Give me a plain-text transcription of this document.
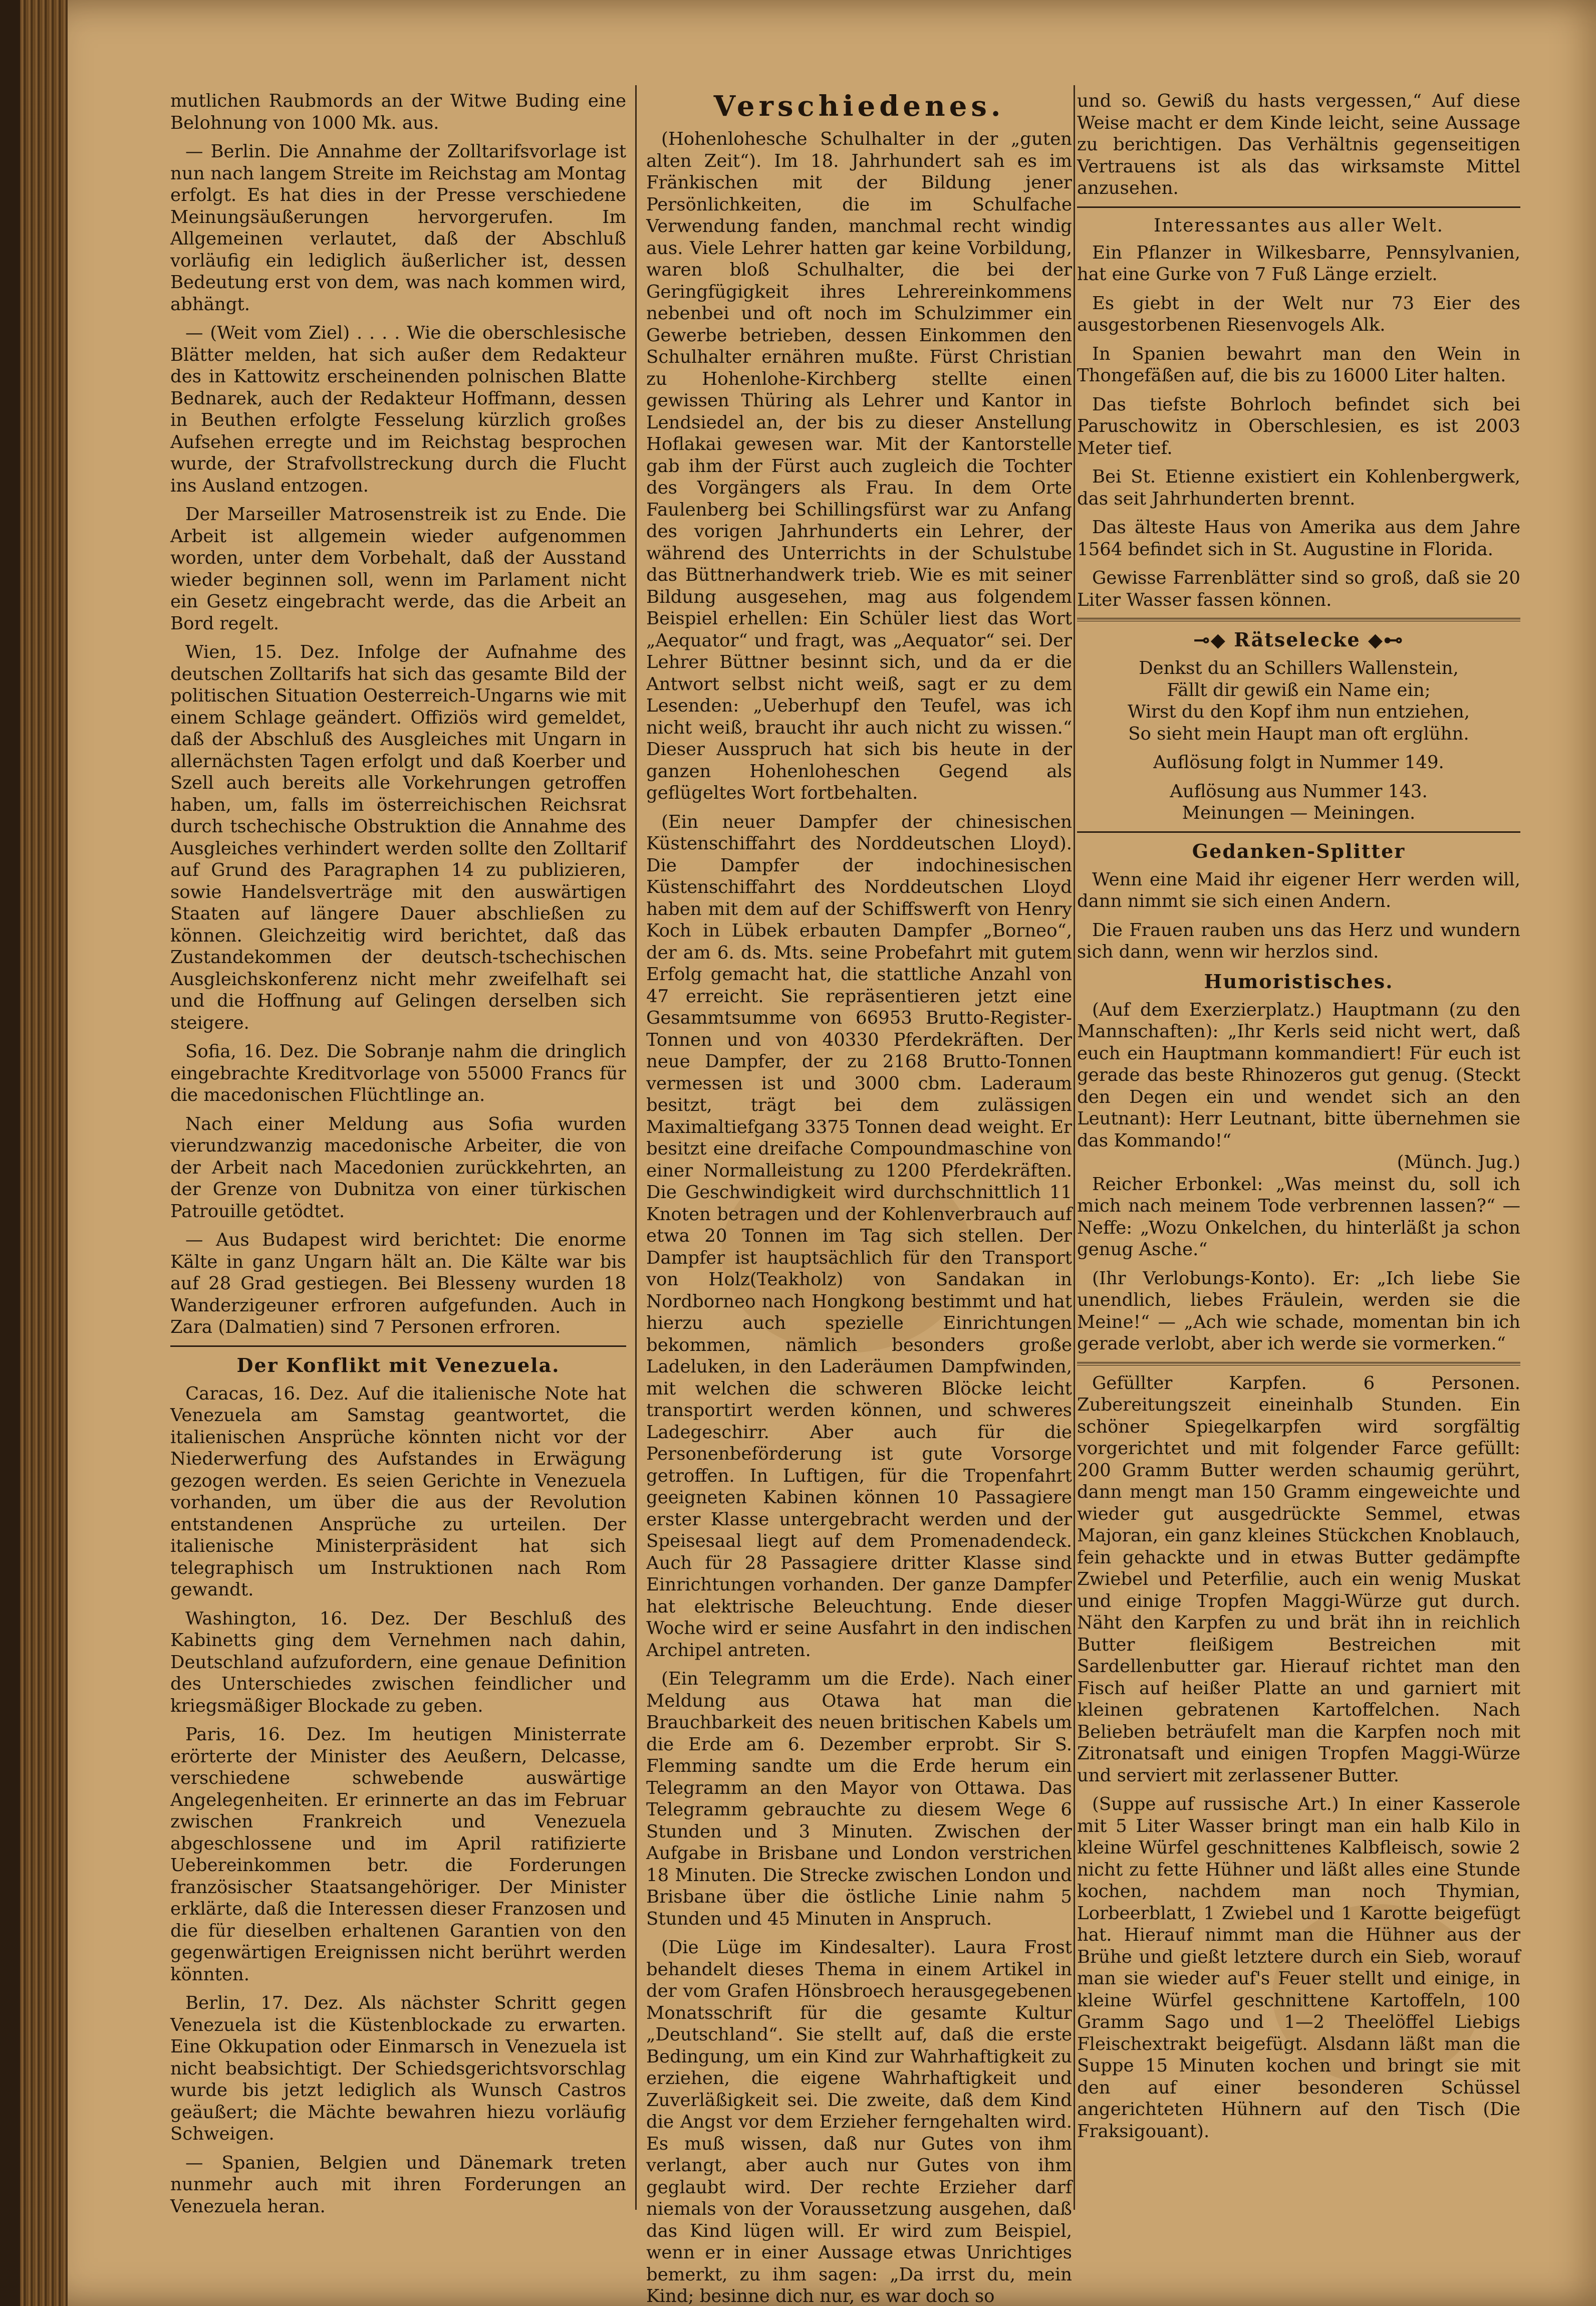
mutlichen Raubmords an der Witwe Buding eine Belohnung von 1000 Mk. aus.

— Berlin. Die Annahme der Zolltarifsvorlage ist nun nach langem Streite im Reichstag am Montag erfolgt. Es hat dies in der Presse verschiedene Meinungsäußerungen hervorgerufen. Im Allgemeinen verlautet, daß der Abschluß vorläufig ein lediglich äußerlicher ist, dessen Bedeutung erst von dem, was nach kommen wird, abhängt.

— (Weit vom Ziel) . . . . Wie die oberschlesische Blätter melden, hat sich außer dem Redakteur des in Kattowitz erscheinenden polnischen Blatte Bednarek, auch der Redakteur Hoffmann, dessen in Beuthen erfolgte Fesselung kürzlich großes Aufsehen erregte und im Reichstag besprochen wurde, der Strafvollstreckung durch die Flucht ins Ausland entzogen.

Der Marseiller Matrosenstreik ist zu Ende. Die Arbeit ist allgemein wieder aufgenommen worden, unter dem Vorbehalt, daß der Ausstand wieder beginnen soll, wenn im Parlament nicht ein Gesetz eingebracht werde, das die Arbeit an Bord regelt.

Wien, 15. Dez. Infolge der Aufnahme des deutschen Zolltarifs hat sich das gesamte Bild der politischen Situation Oesterreich-Ungarns wie mit einem Schlage geändert. Offiziös wird gemeldet, daß der Abschluß des Ausgleiches mit Ungarn in allernächsten Tagen erfolgt und daß Koerber und Szell auch bereits alle Vorkehrungen getroffen haben, um, falls im österreichischen Reichsrat durch tschechische Obstruktion die Annahme des Ausgleiches verhindert werden sollte den Zolltarif auf Grund des Paragraphen 14 zu publizieren, sowie Handelsverträge mit den auswärtigen Staaten auf längere Dauer abschließen zu können. Gleichzeitig wird berichtet, daß das Zustandekommen der deutsch-tschechischen Ausgleichskonferenz nicht mehr zweifelhaft sei und die Hoffnung auf Gelingen derselben sich steigere.

Sofia, 16. Dez. Die Sobranje nahm die dringlich eingebrachte Kreditvorlage von 55000 Francs für die macedonischen Flüchtlinge an.

Nach einer Meldung aus Sofia wurden vierundzwanzig macedonische Arbeiter, die von der Arbeit nach Macedonien zurückkehrten, an der Grenze von Dubnitza von einer türkischen Patrouille getödtet.

— Aus Budapest wird berichtet: Die enorme Kälte in ganz Ungarn hält an. Die Kälte war bis auf 28 Grad gestiegen. Bei Blesseny wurden 18 Wanderzigeuner erfroren aufgefunden. Auch in Zara (Dalmatien) sind 7 Personen erfroren.

Der Konflikt mit Venezuela.

Caracas, 16. Dez. Auf die italienische Note hat Venezuela am Samstag geantwortet, die italienischen Ansprüche könnten nicht vor der Niederwerfung des Aufstandes in Erwägung gezogen werden. Es seien Gerichte in Venezuela vorhanden, um über die aus der Revolution entstandenen Ansprüche zu urteilen. Der italienische Ministerpräsident hat sich telegraphisch um Instruktionen nach Rom gewandt.

Washington, 16. Dez. Der Beschluß des Kabinetts ging dem Vernehmen nach dahin, Deutschland aufzufordern, eine genaue Definition des Unterschiedes zwischen feindlicher und kriegsmäßiger Blockade zu geben.

Paris, 16. Dez. Im heutigen Ministerrate erörterte der Minister des Aeußern, Delcasse, verschiedene schwebende auswärtige Angelegenheiten. Er erinnerte an das im Februar zwischen Frankreich und Venezuela abgeschlossene und im April ratifizierte Uebereinkommen betr. die Forderungen französischer Staatsangehöriger. Der Minister erklärte, daß die Interessen dieser Franzosen und die für dieselben erhaltenen Garantien von den gegenwärtigen Ereignissen nicht berührt werden könnten.

Berlin, 17. Dez. Als nächster Schritt gegen Venezuela ist die Küstenblockade zu erwarten. Eine Okkupation oder Einmarsch in Venezuela ist nicht beabsichtigt. Der Schiedsgerichtsvorschlag wurde bis jetzt lediglich als Wunsch Castros geäußert; die Mächte bewahren hiezu vorläufig Schweigen.

— Spanien, Belgien und Dänemark treten nunmehr auch mit ihren Forderungen an Venezuela heran.

Verschiedenes.

(Hohenlohesche Schulhalter in der „guten alten Zeit“). Im 18. Jahrhundert sah es im Fränkischen mit der Bildung jener Persönlichkeiten, die im Schulfache Verwendung fanden, manchmal recht windig aus. Viele Lehrer hatten gar keine Vorbildung, waren bloß Schulhalter, die bei der Geringfügigkeit ihres Lehrereinkommens nebenbei und oft noch im Schulzimmer ein Gewerbe betrieben, dessen Einkommen den Schulhalter ernähren mußte. Fürst Christian zu Hohenlohe-Kirchberg stellte einen gewissen Thüring als Lehrer und Kantor in Lendsiedel an, der bis zu dieser Anstellung Hoflakai gewesen war. Mit der Kantorstelle gab ihm der Fürst auch zugleich die Tochter des Vorgängers als Frau. In dem Orte Faulenberg bei Schillingsfürst war zu Anfang des vorigen Jahrhunderts ein Lehrer, der während des Unterrichts in der Schulstube das Büttnerhandwerk trieb. Wie es mit seiner Bildung ausgesehen, mag aus folgendem Beispiel erhellen: Ein Schüler liest das Wort „Aequator“ und fragt, was „Aequator“ sei. Der Lehrer Büttner besinnt sich, und da er die Antwort selbst nicht weiß, sagt er zu dem Lesenden: „Ueberhupf den Teufel, was ich nicht weiß, braucht ihr auch nicht zu wissen.“ Dieser Ausspruch hat sich bis heute in der ganzen Hohenloheschen Gegend als geflügeltes Wort fortbehalten.

(Ein neuer Dampfer der chinesischen Küstenschiffahrt des Norddeutschen Lloyd). Die Dampfer der indochinesischen Küstenschiffahrt des Norddeutschen Lloyd haben mit dem auf der Schiffswerft von Henry Koch in Lübek erbauten Dampfer „Borneo“, der am 6. ds. Mts. seine Probefahrt mit gutem Erfolg gemacht hat, die stattliche Anzahl von 47 erreicht. Sie repräsentieren jetzt eine Gesammtsumme von 66953 Brutto-Register-Tonnen und von 40330 Pferdekräften. Der neue Dampfer, der zu 2168 Brutto-Tonnen vermessen ist und 3000 cbm. Laderaum besitzt, trägt bei dem zulässigen Maximaltiefgang 3375 Tonnen dead weight. Er besitzt eine dreifache Compoundmaschine von einer Normalleistung zu 1200 Pferdekräften. Die Geschwindigkeit wird durchschnittlich 11 Knoten betragen und der Kohlenverbrauch auf etwa 20 Tonnen im Tag sich stellen. Der Dampfer ist hauptsächlich für den Transport von Holz(Teakholz) von Sandakan in Nordborneo nach Hongkong bestimmt und hat hierzu auch spezielle Einrichtungen bekommen, nämlich besonders große Ladeluken, in den Laderäumen Dampfwinden, mit welchen die schweren Blöcke leicht transportirt werden können, und schweres Ladegeschirr. Aber auch für die Personenbeförderung ist gute Vorsorge getroffen. In Luftigen, für die Tropenfahrt geeigneten Kabinen können 10 Passagiere erster Klasse untergebracht werden und der Speisesaal liegt auf dem Promenadendeck. Auch für 28 Passagiere dritter Klasse sind Einrichtungen vorhanden. Der ganze Dampfer hat elektrische Beleuchtung. Ende dieser Woche wird er seine Ausfahrt in den indischen Archipel antreten.

(Ein Telegramm um die Erde). Nach einer Meldung aus Otawa hat man die Brauchbarkeit des neuen britischen Kabels um die Erde am 6. Dezember erprobt. Sir S. Flemming sandte um die Erde herum ein Telegramm an den Mayor von Ottawa. Das Telegramm gebrauchte zu diesem Wege 6 Stunden und 3 Minuten. Zwischen der Aufgabe in Brisbane und London verstrichen 18 Minuten. Die Strecke zwischen London und Brisbane über die östliche Linie nahm 5 Stunden und 45 Minuten in Anspruch.

(Die Lüge im Kindesalter). Laura Frost behandelt dieses Thema in einem Artikel in der vom Grafen Hönsbroech herausgegebenen Monatsschrift für die gesamte Kultur „Deutschland“. Sie stellt auf, daß die erste Bedingung, um ein Kind zur Wahrhaftigkeit zu erziehen, die eigene Wahrhaftigkeit und Zuverläßigkeit sei. Die zweite, daß dem Kind die Angst vor dem Erzieher ferngehalten wird. Es muß wissen, daß nur Gutes von ihm verlangt, aber auch nur Gutes von ihm geglaubt wird. Der rechte Erzieher darf niemals von der Voraussetzung ausgehen, daß das Kind lügen will. Er wird zum Beispiel, wenn er in einer Aussage etwas Unrichtiges bemerkt, zu ihm sagen: „Da irrst du, mein Kind; besinne dich nur, es war doch so

und so. Gewiß du hasts vergessen,“ Auf diese Weise macht er dem Kinde leicht, seine Aussage zu berichtigen. Das Verhältnis gegenseitigen Vertrauens ist als das wirksamste Mittel anzusehen.

Interessantes aus aller Welt.

Ein Pflanzer in Wilkesbarre, Pennsylvanien, hat eine Gurke von 7 Fuß Länge erzielt.

Es giebt in der Welt nur 73 Eier des ausgestorbenen Riesenvogels Alk.

In Spanien bewahrt man den Wein in Thongefäßen auf, die bis zu 16000 Liter halten.

Das tiefste Bohrloch befindet sich bei Paruschowitz in Oberschlesien, es ist 2003 Meter tief.

Bei St. Etienne existiert ein Kohlenbergwerk, das seit Jahrhunderten brennt.

Das älteste Haus von Amerika aus dem Jahre 1564 befindet sich in St. Augustine in Florida.

Gewisse Farrenblätter sind so groß, daß sie 20 Liter Wasser fassen können.

⊸◆ Rätselecke ◆⊷
Denkst du an Schillers Wallenstein,
Fällt dir gewiß ein Name ein;
Wirst du den Kopf ihm nun entziehen,
So sieht mein Haupt man oft erglühn.

Auflösung folgt in Nummer 149.

Auflösung aus Nummer 143.

Meinungen — Meiningen.

Gedanken-Splitter

Wenn eine Maid ihr eigener Herr werden will, dann nimmt sie sich einen Andern.

Die Frauen rauben uns das Herz und wundern sich dann, wenn wir herzlos sind.

Humoristisches.

(Auf dem Exerzierplatz.) Hauptmann (zu den Mannschaften): „Ihr Kerls seid nicht wert, daß euch ein Hauptmann kommandiert! Für euch ist gerade das beste Rhinozeros gut genug. (Steckt den Degen ein und wendet sich an den Leutnant): Herr Leutnant, bitte übernehmen sie das Kommando!“

(Münch. Jug.)

Reicher Erbonkel: „Was meinst du, soll ich mich nach meinem Tode verbrennen lassen?“ — Neffe: „Wozu Onkelchen, du hinterläßt ja schon genug Asche.“

(Ihr Verlobungs-Konto). Er: „Ich liebe Sie unendlich, liebes Fräulein, werden sie die Meine!“ — „Ach wie schade, momentan bin ich gerade verlobt, aber ich werde sie vormerken.“

Gefüllter Karpfen. 6 Personen. Zubereitungszeit eineinhalb Stunden. Ein schöner Spiegelkarpfen wird sorgfältig vorgerichtet und mit folgender Farce gefüllt: 200 Gramm Butter werden schaumig gerührt, dann mengt man 150 Gramm eingeweichte und wieder gut ausgedrückte Semmel, etwas Majoran, ein ganz kleines Stückchen Knoblauch, fein gehackte und in etwas Butter gedämpfte Zwiebel und Peterfilie, auch ein wenig Muskat und einige Tropfen Maggi-Würze gut durch. Näht den Karpfen zu und brät ihn in reichlich Butter fleißigem Bestreichen mit Sardellenbutter gar. Hierauf richtet man den Fisch auf heißer Platte an und garniert mit kleinen gebratenen Kartoffelchen. Nach Belieben beträufelt man die Karpfen noch mit Zitronatsaft und einigen Tropfen Maggi-Würze und serviert mit zerlassener Butter.

(Suppe auf russische Art.) In einer Kasserole mit 5 Liter Wasser bringt man ein halb Kilo in kleine Würfel geschnittenes Kalbfleisch, sowie 2 nicht zu fette Hühner und läßt alles eine Stunde kochen, nachdem man noch Thymian, Lorbeerblatt, 1 Zwiebel und 1 Karotte beigefügt hat. Hierauf nimmt man die Hühner aus der Brühe und gießt letztere durch ein Sieb, worauf man sie wieder auf's Feuer stellt und einige, in kleine Würfel geschnittene Kartoffeln, 100 Gramm Sago und 1—2 Theelöffel Liebigs Fleischextrakt beigefügt. Alsdann läßt man die Suppe 15 Minuten kochen und bringt sie mit den auf einer besonderen Schüssel angerichteten Hühnern auf den Tisch (Die Fraksigouant).
